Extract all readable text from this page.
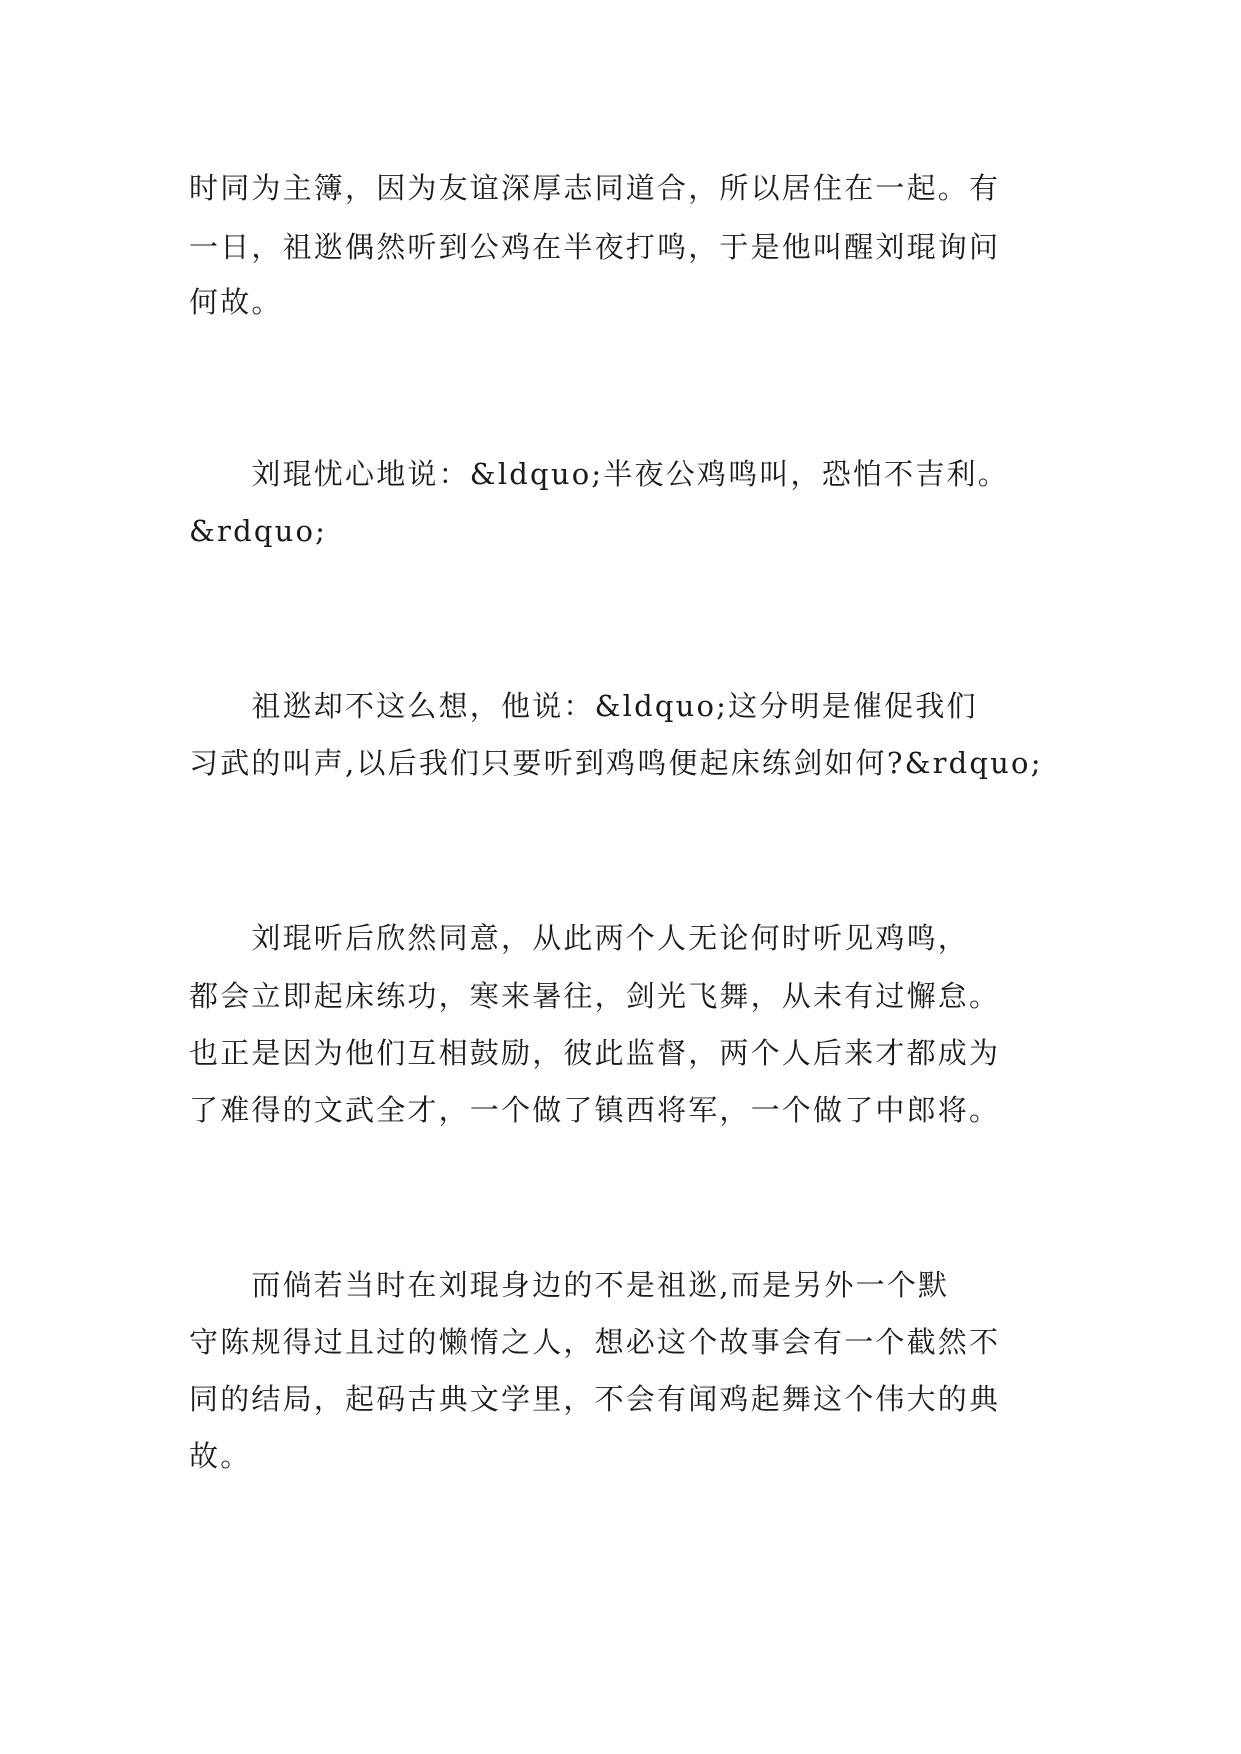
时同为主簿，因为友谊深厚志同道合，所以居住在一起。有
一日，祖逖偶然听到公鸡在半夜打鸣，于是他叫醒刘琨询问
何故。
　　刘琨忧心地说：&ldquo;半夜公鸡鸣叫，恐怕不吉利。
&rdquo;
　　祖逖却不这么想，他说：&ldquo;这分明是催促我们
习武的叫声,以后我们只要听到鸡鸣便起床练剑如何?&rdquo;
　　刘琨听后欣然同意，从此两个人无论何时听见鸡鸣，
都会立即起床练功，寒来暑往，剑光飞舞，从未有过懈怠。
也正是因为他们互相鼓励，彼此监督，两个人后来才都成为
了难得的文武全才，一个做了镇西将军，一个做了中郎将。
　　而倘若当时在刘琨身边的不是祖逖,而是另外一个默
守陈规得过且过的懒惰之人，想必这个故事会有一个截然不
同的结局，起码古典文学里，不会有闻鸡起舞这个伟大的典
故。
